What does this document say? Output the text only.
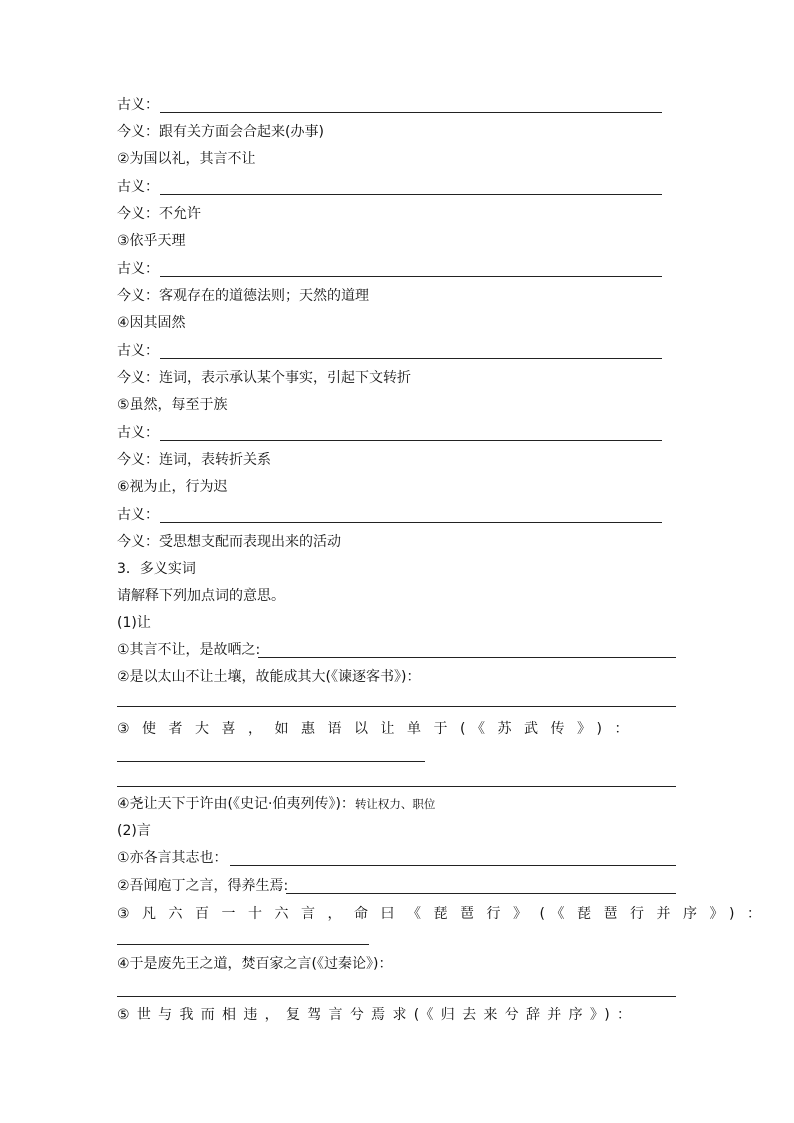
古义：
今义：跟有关方面会合起来(办事)
②为国以礼，其言不让
古义：
今义：不允许
③依乎天理
古义：
今义：客观存在的道德法则；天然的道理
④因其固然
古义：
今义：连词，表示承认某个事实，引起下文转折
⑤虽然，每至于族
古义：
今义：连词，表转折关系
⑥视为止，行为迟
古义：
今义：受思想支配而表现出来的活动
3．多义实词
请解释下列加点词的意思。
(1)让
①其言不让，是故哂之:
②是以太山不让土壤，故能成其大(《谏逐客书》)：
③使者大喜，如惠语以让单于(《苏武传》)：
④尧让天下于许由(《史记·伯夷列传》)：转让权力、职位
(2)言
①亦各言其志也：
②吾闻庖丁之言，得养生焉:
③凡六百一十六言，命曰《琵琶行》(《琵琶行并序》)：
④于是废先王之道，焚百家之言(《过秦论》)：
⑤世与我而相违，复驾言兮焉求(《归去来兮辞并序》)：
